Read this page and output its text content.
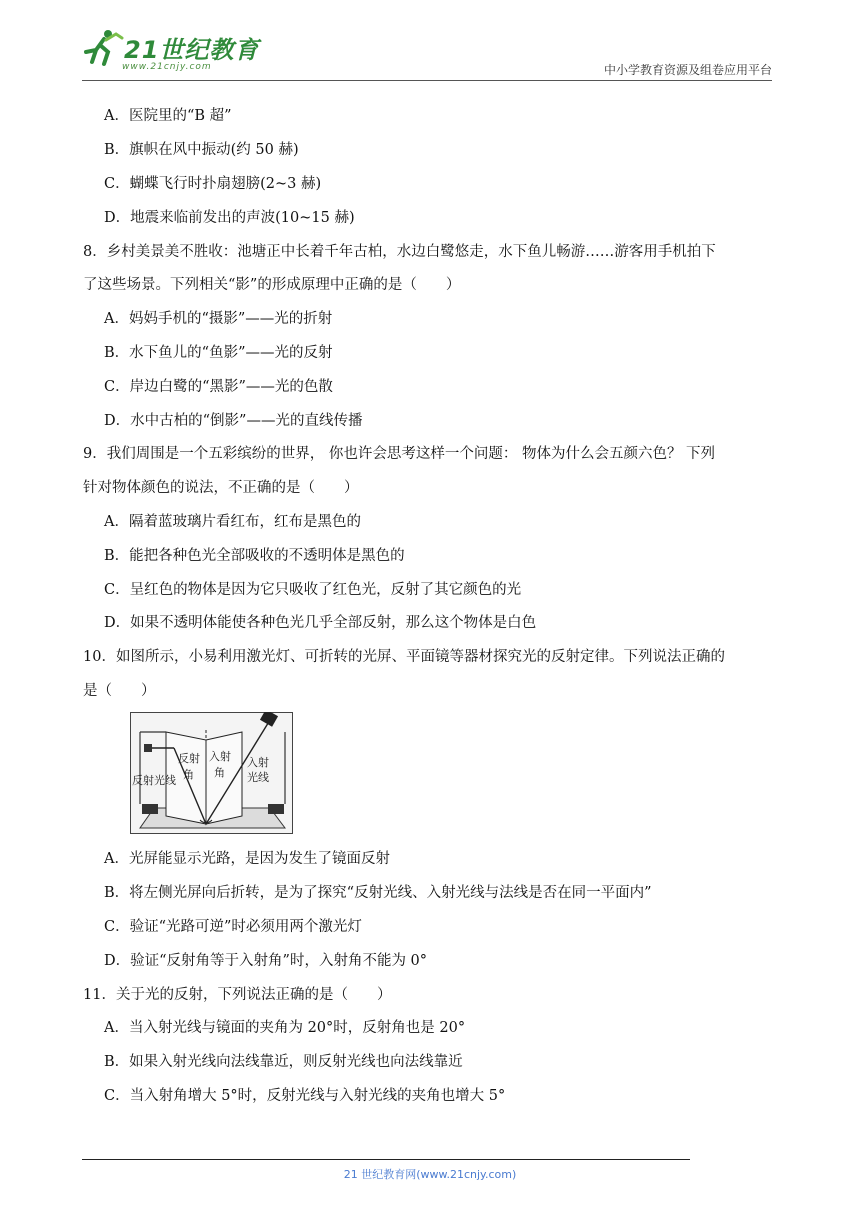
21世纪教育
www.21cnjy.com	中小学教育资源及组卷应用平台
A．医院里的“B 超”
B．旗帜在风中振动(约 50 赫)
C．蝴蝶飞行时扑扇翅膀(2~3 赫)
D．地震来临前发出的声波(10~15 赫)
8．乡村美景美不胜收：池塘正中长着千年古柏，水边白鹭悠走，水下鱼儿畅游……游客用手机拍下
了这些场景。下列相关“影”的形成原理中正确的是（　　）
A．妈妈手机的“摄影”——光的折射
B．水下鱼儿的“鱼影”——光的反射
C．岸边白鹭的“黑影”——光的色散
D．水中古柏的“倒影”——光的直线传播
9．我们周围是一个五彩缤纷的世界， 你也许会思考这样一个问题： 物体为什么会五颜六色？ 下列
针对物体颜色的说法，不正确的是（　　）
A．隔着蓝玻璃片看红布，红布是黑色的
B．能把各种色光全部吸收的不透明体是黑色的
C．呈红色的物体是因为它只吸收了红色光，反射了其它颜色的光
D．如果不透明体能使各种色光几乎全部反射，那么这个物体是白色
10．如图所示，小易利用激光灯、可折转的光屏、平面镜等器材探究光的反射定律。下列说法正确的
是（　　）
反射光线
反射 角
入射 角
入射 光线
A．光屏能显示光路，是因为发生了镜面反射
B．将左侧光屏向后折转，是为了探究“反射光线、入射光线与法线是否在同一平面内”
C．验证“光路可逆”时必须用两个激光灯
D．验证“反射角等于入射角”时，入射角不能为 0°
11．关于光的反射，下列说法正确的是（　　）
A．当入射光线与镜面的夹角为 20°时，反射角也是 20°
B．如果入射光线向法线靠近，则反射光线也向法线靠近
C．当入射角增大 5°时，反射光线与入射光线的夹角也增大 5°
21 世纪教育网(www.21cnjy.com)
